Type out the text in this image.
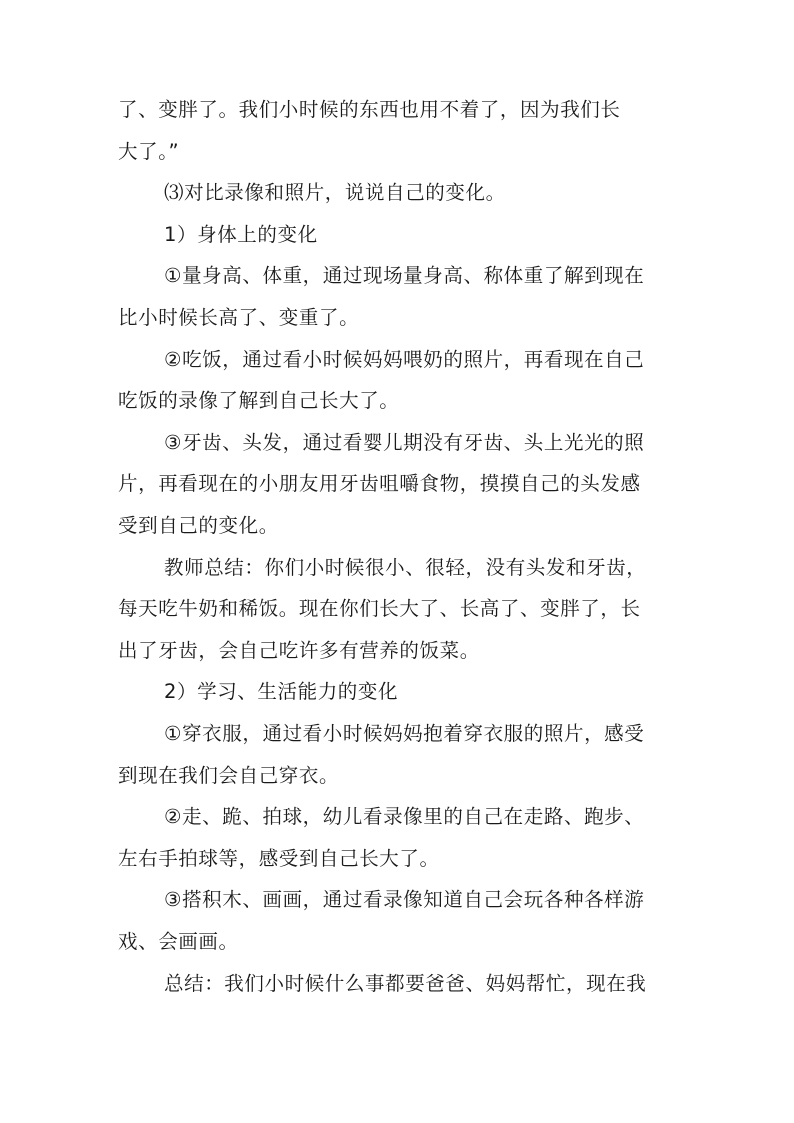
了、变胖了。我们小时候的东西也用不着了，因为我们长
大了。”
⑶对比录像和照片，说说自己的变化。
1）身体上的变化
①量身高、体重，通过现场量身高、称体重了解到现在
比小时候长高了、变重了。
②吃饭，通过看小时候妈妈喂奶的照片，再看现在自己
吃饭的录像了解到自己长大了。
③牙齿、头发，通过看婴儿期没有牙齿、头上光光的照
片，再看现在的小朋友用牙齿咀嚼食物，摸摸自己的头发感
受到自己的变化。
教师总结：你们小时候很小、很轻，没有头发和牙齿，
每天吃牛奶和稀饭。现在你们长大了、长高了、变胖了，长
出了牙齿，会自己吃许多有营养的饭菜。
2）学习、生活能力的变化
①穿衣服，通过看小时候妈妈抱着穿衣服的照片，感受
到现在我们会自己穿衣。
②走、跪、拍球，幼儿看录像里的自己在走路、跑步、
左右手拍球等，感受到自己长大了。
③搭积木、画画，通过看录像知道自己会玩各种各样游
戏、会画画。
总结：我们小时候什么事都要爸爸、妈妈帮忙，现在我
